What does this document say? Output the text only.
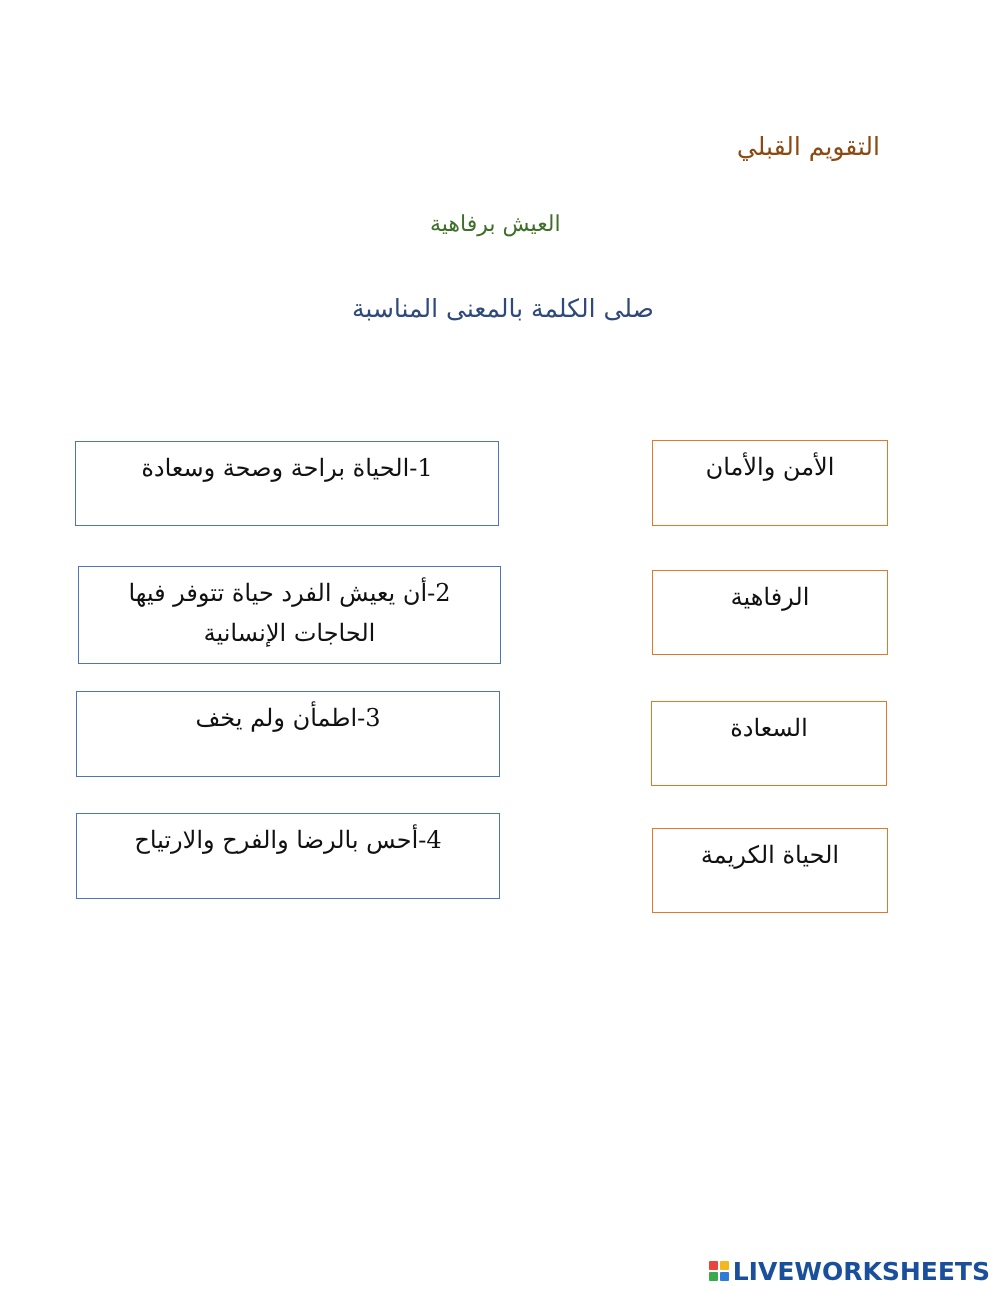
التقويم القبلي
العيش برفاهية
صلى الكلمة بالمعنى المناسبة
1-الحياة براحة وصحة وسعادة
2-أن يعيش الفرد حياة تتوفر فيها الحاجات الإنسانية
3-اطمأن ولم يخف
4-أحس بالرضا والفرح والارتياح
الأمن والأمان
الرفاهية
السعادة
الحياة الكريمة
LIVEWORKSHEETS
